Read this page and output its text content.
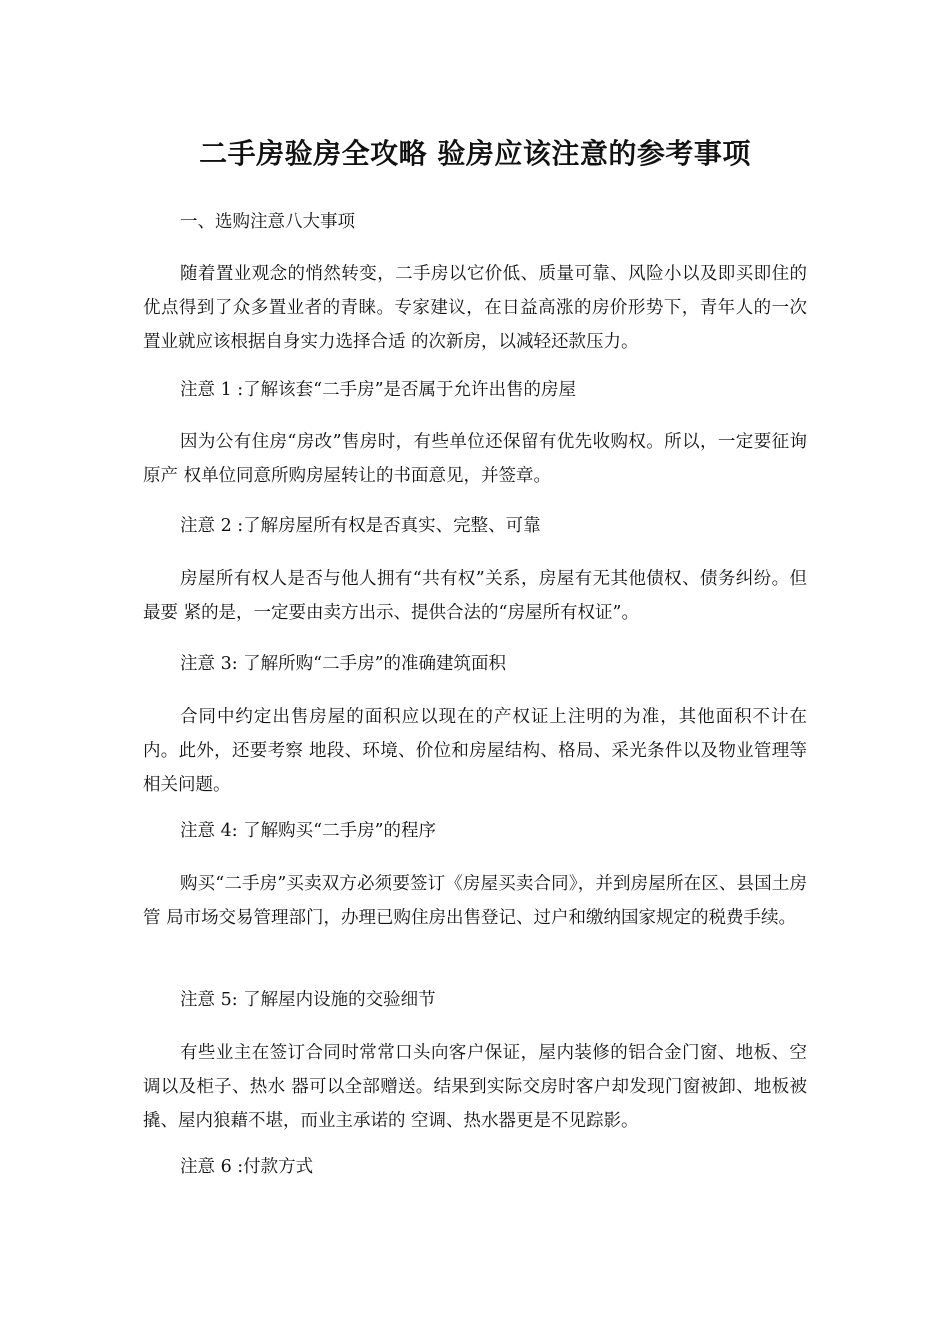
二手房验房全攻略 验房应该注意的参考事项

一、选购注意八大事项

随着置业观念的悄然转变，二手房以它价低、质量可靠、风险小以及即买即住的优点得到了众多置业者的青睐。专家建议，在日益高涨的房价形势下，青年人的一次置业就应该根据自身实力选择合适 的次新房，以减轻还款压力。

注意 1 :了解该套“二手房”是否属于允许出售的房屋

因为公有住房“房改”售房时，有些单位还保留有优先收购权。所以，一定要征询原产 权单位同意所购房屋转让的书面意见，并签章。

注意 2 :了解房屋所有权是否真实、完整、可靠

房屋所有权人是否与他人拥有“共有权”关系，房屋有无其他债权、债务纠纷。但最要 紧的是，一定要由卖方出示、提供合法的“房屋所有权证”。

注意 3: 了解所购“二手房”的准确建筑面积

合同中约定出售房屋的面积应以现在的产权证上注明的为准，其他面积不计在内。此外，还要考察 地段、环境、价位和房屋结构、格局、采光条件以及物业管理等相关问题。

注意 4: 了解购买“二手房”的程序

购买“二手房”买卖双方必须要签订《房屋买卖合同》，并到房屋所在区、县国土房管 局市场交易管理部门，办理已购住房出售登记、过户和缴纳国家规定的税费手续。

注意 5: 了解屋内设施的交验细节

有些业主在签订合同时常常口头向客户保证，屋内装修的铝合金门窗、地板、空调以及柜子、热水 器可以全部赠送。结果到实际交房时客户却发现门窗被卸、地板被撬、屋内狼藉不堪，而业主承诺的 空调、热水器更是不见踪影。

注意 6 :付款方式
